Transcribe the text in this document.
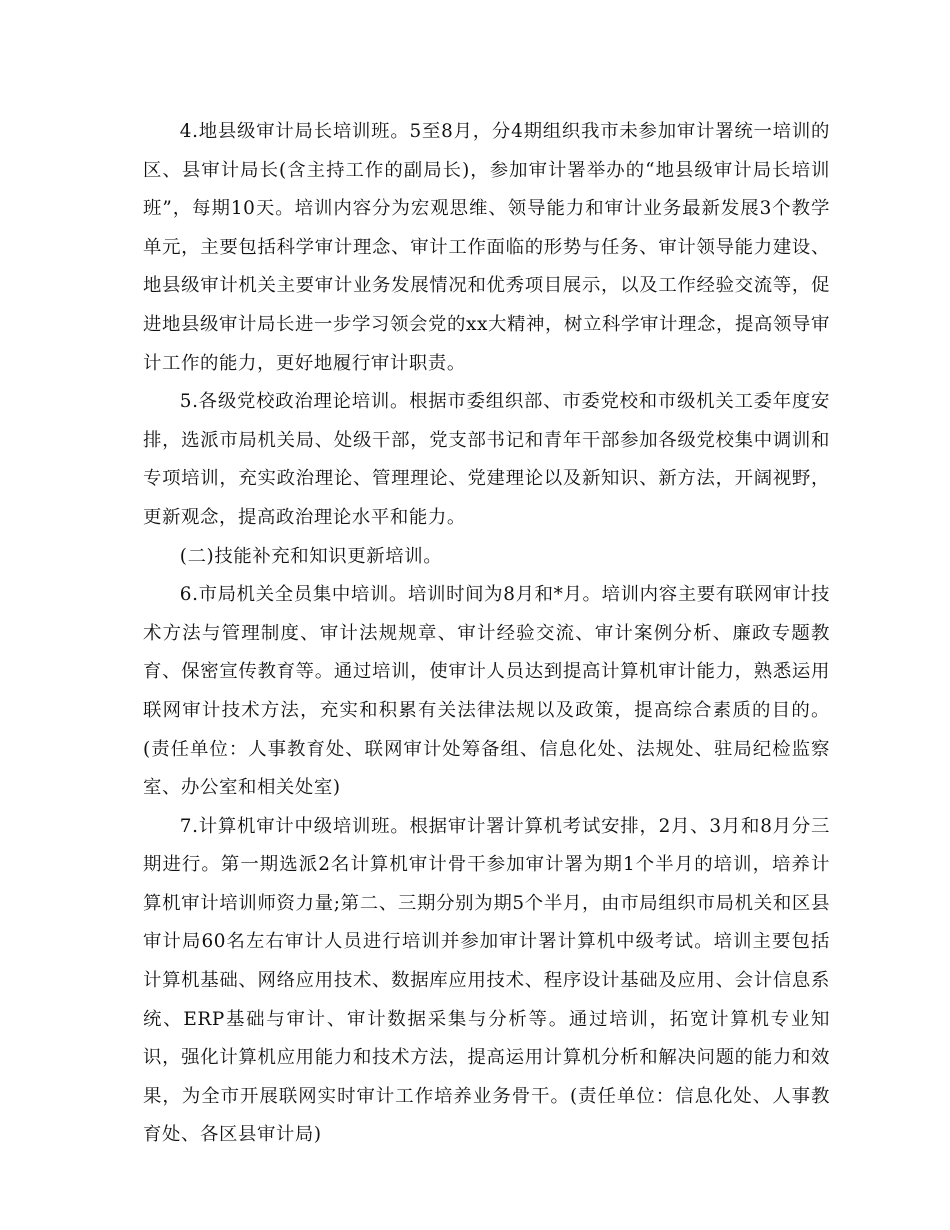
4.地县级审计局长培训班。5至8月，分4期组织我市未参加审计署统一培训的区、县审计局长(含主持工作的副局长)，参加审计署举办的“地县级审计局长培训班”，每期10天。培训内容分为宏观思维、领导能力和审计业务最新发展3个教学单元，主要包括科学审计理念、审计工作面临的形势与任务、审计领导能力建设、地县级审计机关主要审计业务发展情况和优秀项目展示，以及工作经验交流等，促进地县级审计局长进一步学习领会党的xx大精神，树立科学审计理念，提高领导审计工作的能力，更好地履行审计职责。

5.各级党校政治理论培训。根据市委组织部、市委党校和市级机关工委年度安排，选派市局机关局、处级干部，党支部书记和青年干部参加各级党校集中调训和专项培训，充实政治理论、管理理论、党建理论以及新知识、新方法，开阔视野，更新观念，提高政治理论水平和能力。

(二)技能补充和知识更新培训。

6.市局机关全员集中培训。培训时间为8月和*月。培训内容主要有联网审计技术方法与管理制度、审计法规规章、审计经验交流、审计案例分析、廉政专题教育、保密宣传教育等。通过培训，使审计人员达到提高计算机审计能力，熟悉运用联网审计技术方法，充实和积累有关法律法规以及政策，提高综合素质的目的。(责任单位：人事教育处、联网审计处筹备组、信息化处、法规处、驻局纪检监察室、办公室和相关处室)

7.计算机审计中级培训班。根据审计署计算机考试安排，2月、3月和8月分三期进行。第一期选派2名计算机审计骨干参加审计署为期1个半月的培训，培养计算机审计培训师资力量;第二、三期分别为期5个半月，由市局组织市局机关和区县审计局60名左右审计人员进行培训并参加审计署计算机中级考试。培训主要包括计算机基础、网络应用技术、数据库应用技术、程序设计基础及应用、会计信息系统、ERP基础与审计、审计数据采集与分析等。通过培训，拓宽计算机专业知识，强化计算机应用能力和技术方法，提高运用计算机分析和解决问题的能力和效果，为全市开展联网实时审计工作培养业务骨干。(责任单位：信息化处、人事教育处、各区县审计局)
